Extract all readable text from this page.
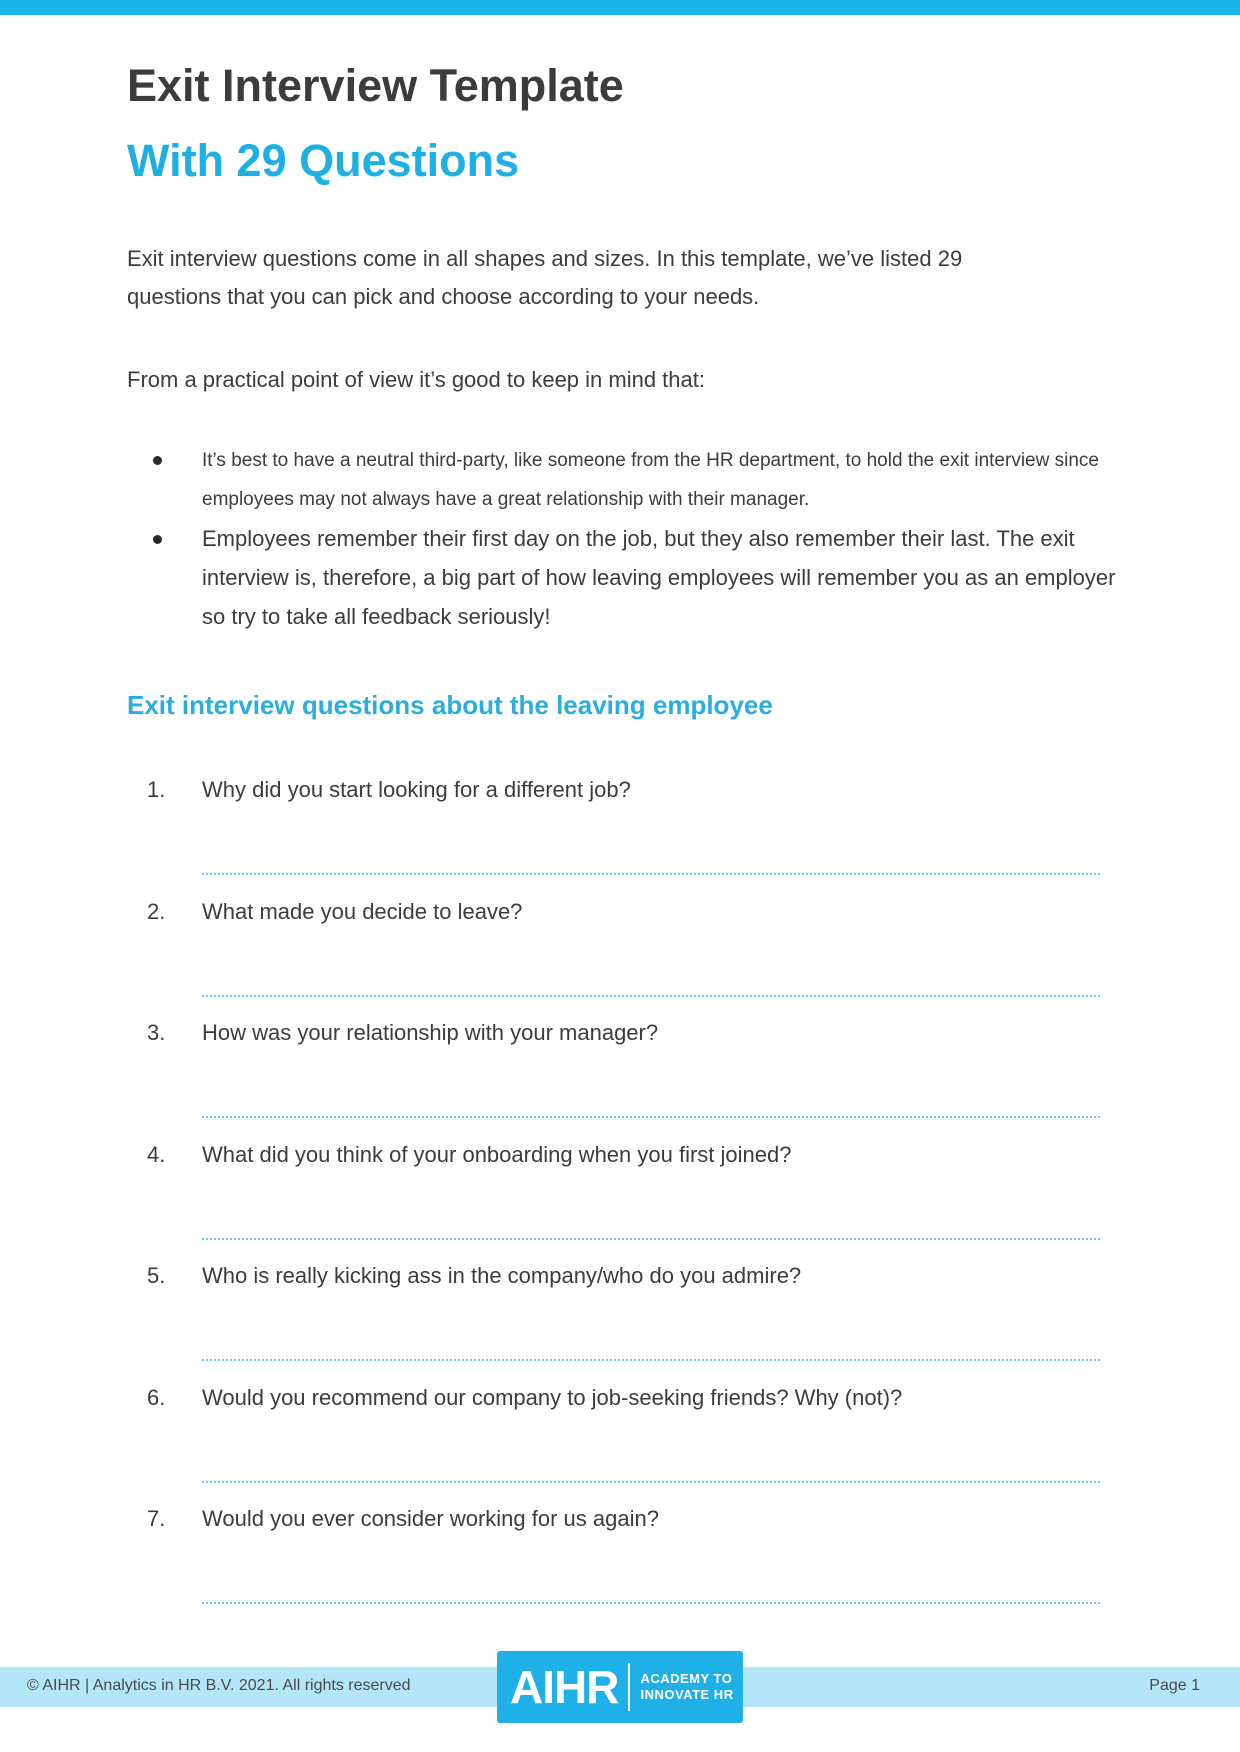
Exit Interview Template
With 29 Questions

Exit interview questions come in all shapes and sizes. In this template, we’ve listed 29 questions that you can pick and choose according to your needs.

From a practical point of view it’s good to keep in mind that:

It’s best to have a neutral third-party, like someone from the HR department, to hold the exit interview since employees may not always have a great relationship with their manager.
Employees remember their first day on the job, but they also remember their last. The exit interview is, therefore, a big part of how leaving employees will remember you as an employer so try to take all feedback seriously!
Exit interview questions about the leaving employee
1. Why did you start looking for a different job?
2. What made you decide to leave?
3. How was your relationship with your manager?
4. What did you think of your onboarding when you first joined?
5. Who is really kicking ass in the company/who do you admire?
6. Would you recommend our company to job-seeking friends? Why (not)?
7. Would you ever consider working for us again?
© AIHR | Analytics in HR B.V. 2021. All rights reserved	Page 1
AIHR ACADEMY TO
INNOVATE HR
